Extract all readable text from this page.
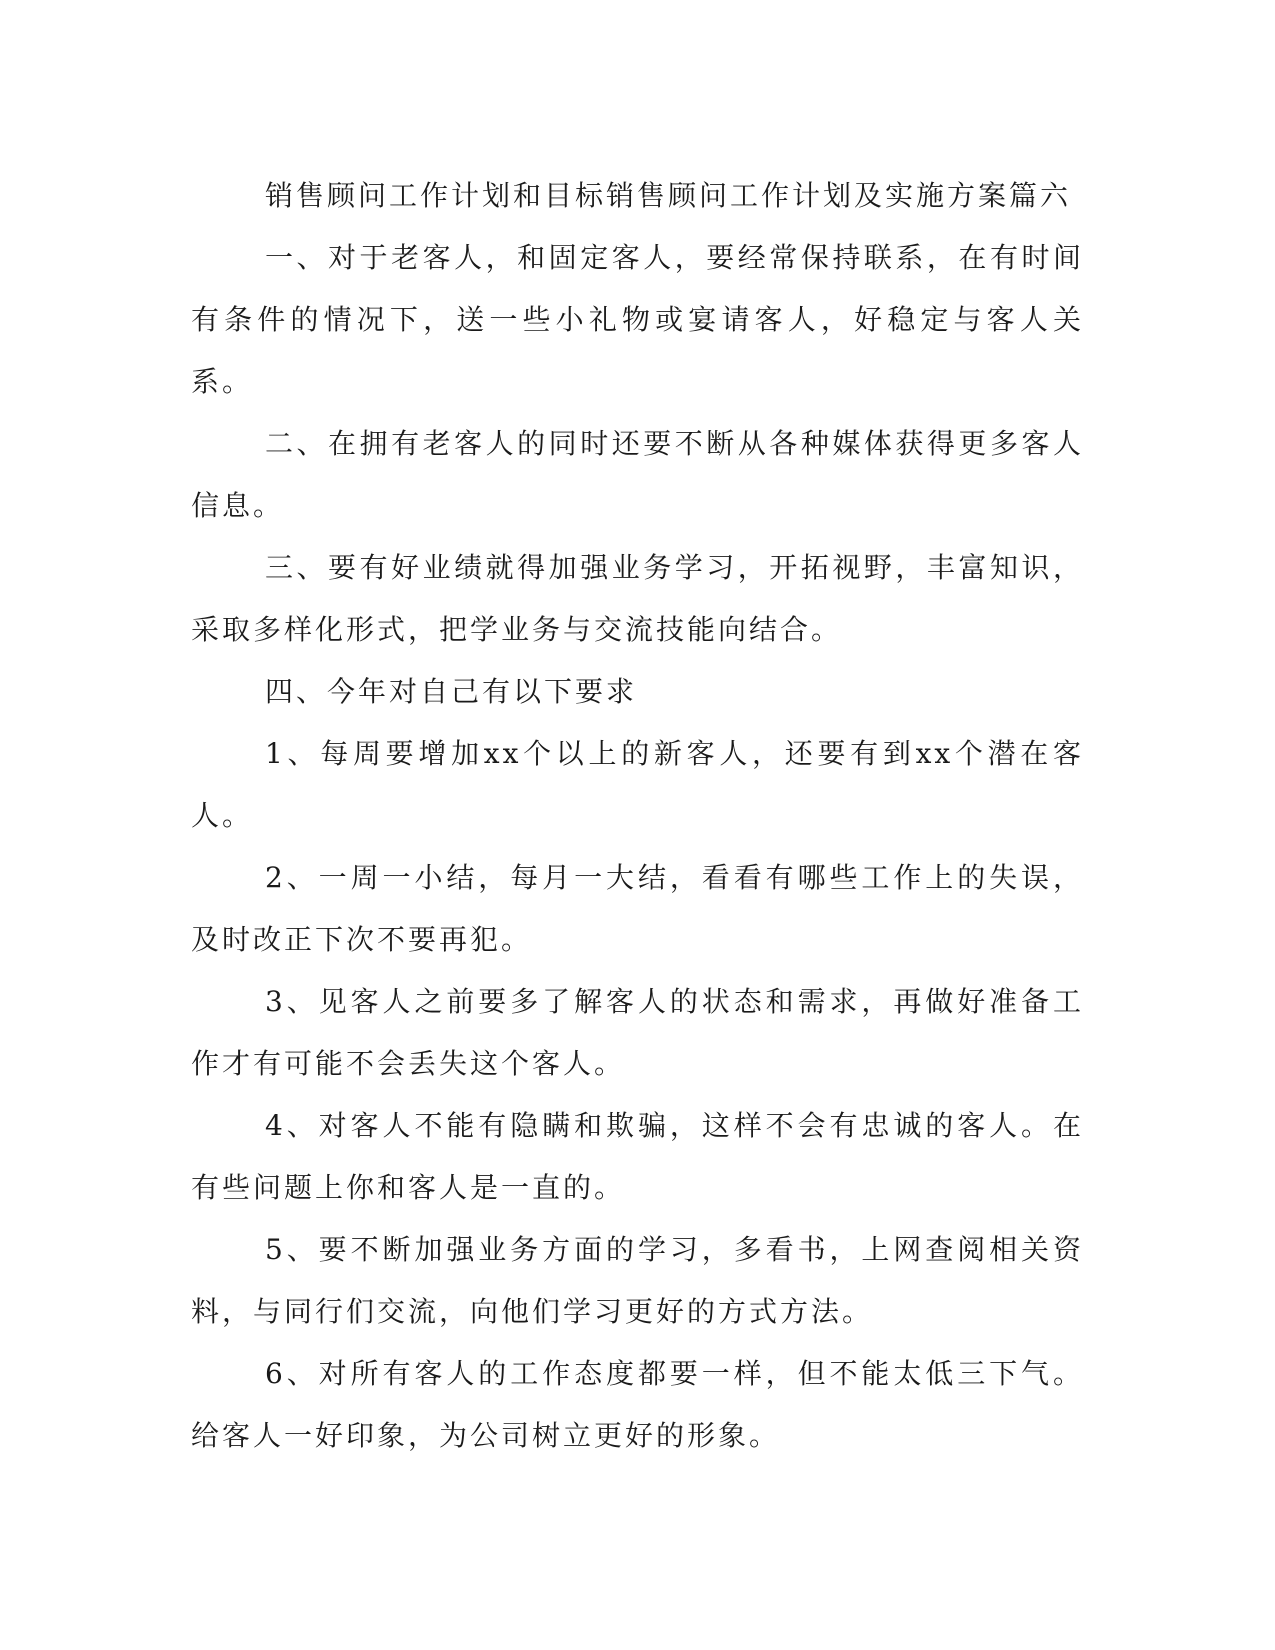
销售顾问工作计划和目标销售顾问工作计划及实施方案篇六

一、对于老客人，和固定客人，要经常保持联系，在有时间有条件的情况下，送一些小礼物或宴请客人，好稳定与客人关系。

二、在拥有老客人的同时还要不断从各种媒体获得更多客人信息。

三、要有好业绩就得加强业务学习，开拓视野，丰富知识，采取多样化形式，把学业务与交流技能向结合。

四、今年对自己有以下要求

1、每周要增加xx个以上的新客人，还要有到xx个潜在客人。

2、一周一小结，每月一大结，看看有哪些工作上的失误，及时改正下次不要再犯。

3、见客人之前要多了解客人的状态和需求，再做好准备工作才有可能不会丢失这个客人。

4、对客人不能有隐瞒和欺骗，这样不会有忠诚的客人。在有些问题上你和客人是一直的。

5、要不断加强业务方面的学习，多看书，上网查阅相关资料，与同行们交流，向他们学习更好的方式方法。

6、对所有客人的工作态度都要一样，但不能太低三下气。给客人一好印象，为公司树立更好的形象。
